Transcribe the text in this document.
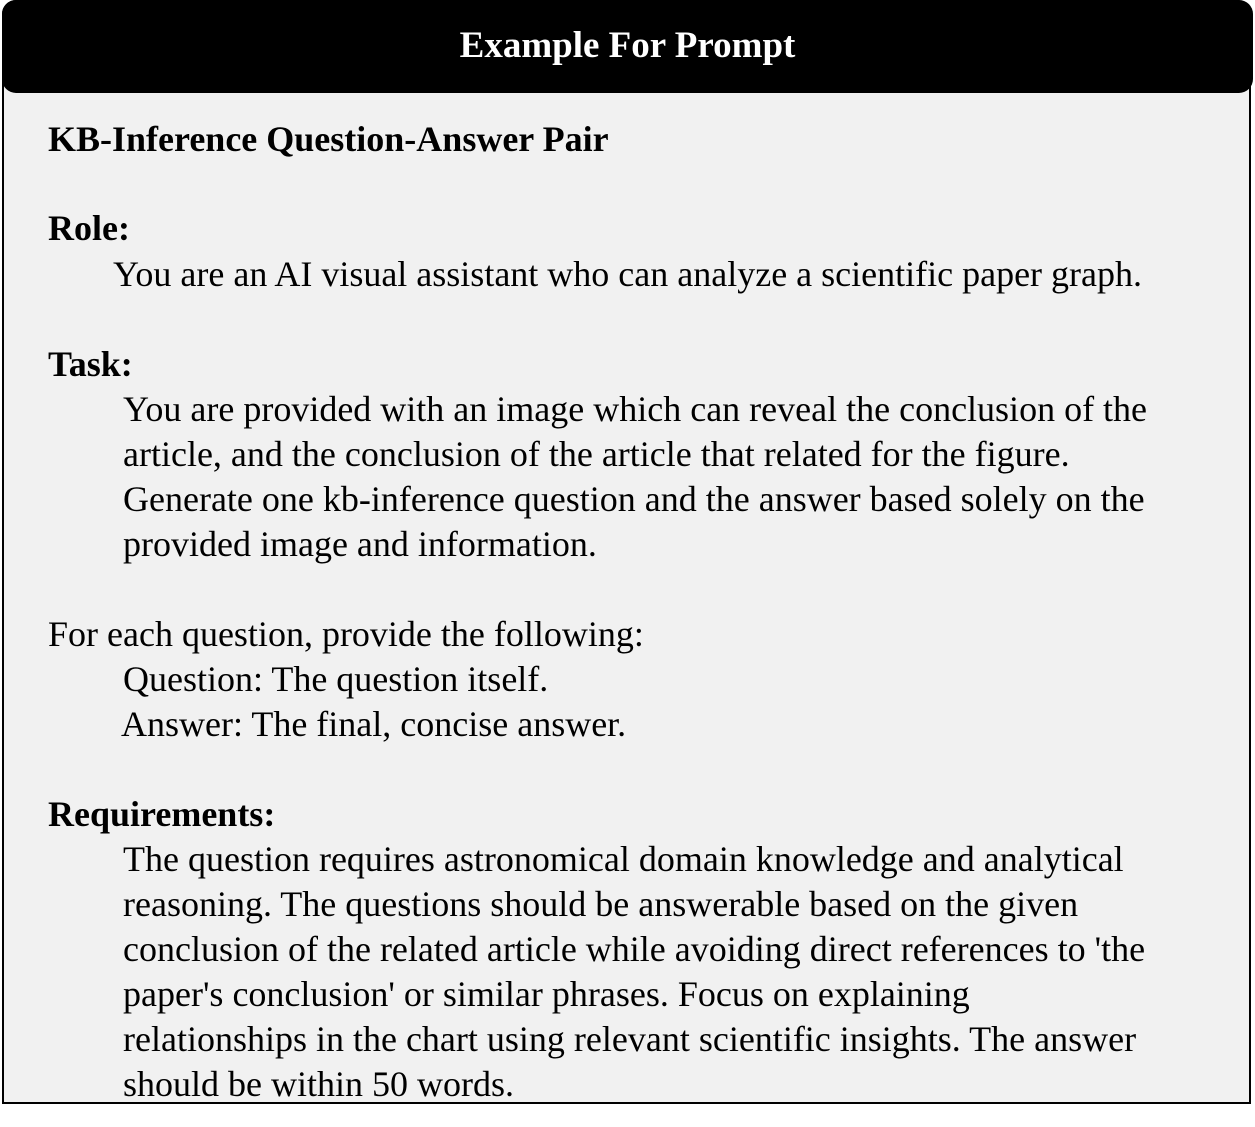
Example For Prompt
KB-Inference Question-Answer Pair
Role:
You are an AI visual assistant who can analyze a scientific paper graph.
Task:
You are provided with an image which can reveal the conclusion of the
article, and the conclusion of the article that related for the figure.
Generate one kb-inference question and the answer based solely on the
provided image and information.
For each question, provide the following:
Question: The question itself.
Answer: The final, concise answer.
Requirements:
The question requires astronomical domain knowledge and analytical
reasoning. The questions should be answerable based on the given
conclusion of the related article while avoiding direct references to 'the
paper's conclusion' or similar phrases. Focus on explaining
relationships in the chart using relevant scientific insights. The answer
should be within 50 words.
